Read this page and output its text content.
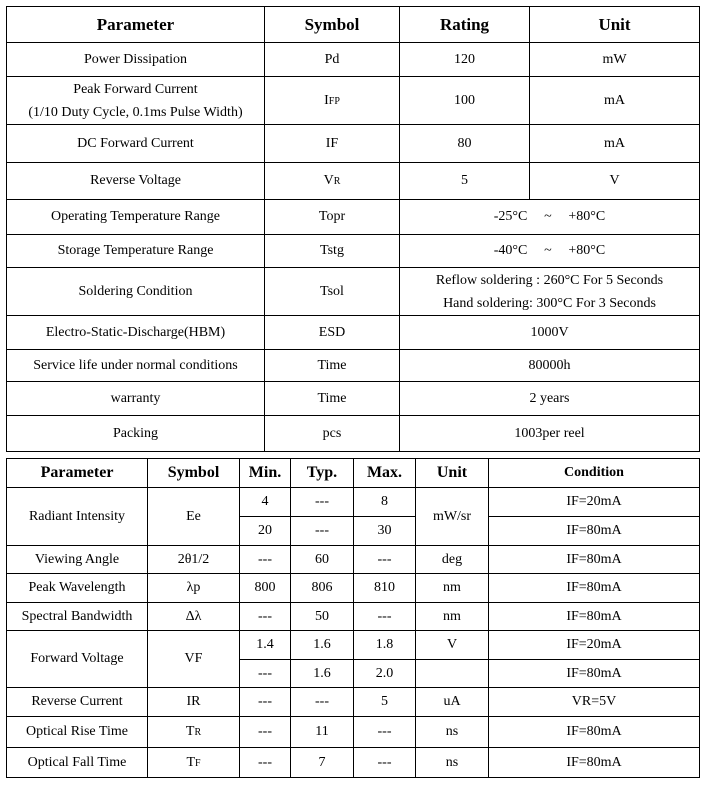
Parameter	Symbol	Rating	Unit
Power Dissipation	Pd	120	mW
Peak Forward Current
(1/10 Duty Cycle, 0.1ms Pulse Width)	IFP	100	mA
DC Forward Current	IF	80	mA
Reverse Voltage	VR	5	V
Operating Temperature Range	Topr	-25°C ~ +80°C	
Storage Temperature Range	Tstg	-40°C ~ +80°C	
Soldering Condition	Tsol	Reflow soldering : 260°C For 5 Seconds
Hand soldering: 300°C For 3 Seconds	
Electro-Static-Discharge(HBM)	ESD	1000V	
Service life under normal conditions	Time	80000h	
warranty	Time	2 years	
Packing	pcs	1003per reel	
Parameter	Symbol	Min.	Typ.	Max.	Unit	Condition
Radiant Intensity	Ee	4	---	8	mW/sr	IF=20mA
		20	---	30		IF=80mA
Viewing Angle	2θ1/2	---	60	---	deg	IF=80mA
Peak Wavelength	λp	800	806	810	nm	IF=80mA
Spectral Bandwidth	Δλ	---	50	---	nm	IF=80mA
Forward Voltage	VF	1.4	1.6	1.8	V	IF=20mA
		---	1.6	2.0		IF=80mA
Reverse Current	IR	---	---	5	uA	VR=5V
Optical Rise Time	TR	---	11	---	ns	IF=80mA
Optical Fall Time	TF	---	7	---	ns	IF=80mA
